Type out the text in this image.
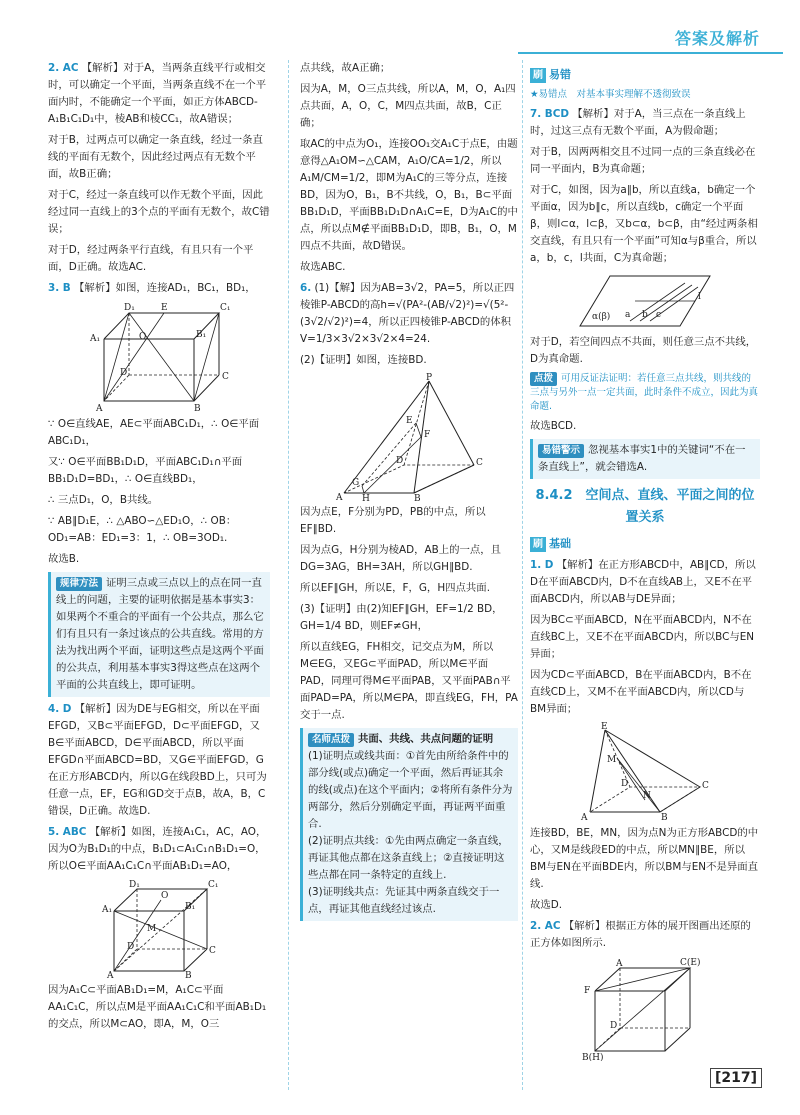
答案及解析

2. AC 【解析】对于A，当两条直线平行或相交时，可以确定一个平面，当两条直线不在一个平面内时，不能确定一个平面，如正方体ABCD-A₁B₁C₁D₁中，棱AB和棱CC₁，故A错误；

对于B，过两点可以确定一条直线，经过一条直线的平面有无数个，因此经过两点有无数个平面，故B正确；

对于C，经过一条直线可以作无数个平面，因此经过同一直线上的3个点的平面有无数个，故C错误；

对于D，经过两条平行直线，有且只有一个平面，D正确。故选AC.

3. B 【解析】如图，连接AD₁，BC₁，BD₁，

D₁	E	C₁
A₁	B₁
O
D	C
A	B

∵ O∈直线AE，AE⊂平面ABC₁D₁，∴ O∈平面ABC₁D₁，

又∵ O∈平面BB₁D₁D，平面ABC₁D₁∩平面BB₁D₁D=BD₁，∴ O∈直线BD₁，

∴ 三点D₁，O，B共线。

∵ AB∥D₁E，∴ △ABO∽△ED₁O，∴ OB：OD₁=AB：ED₁=3：1，∴ OB=3OD₁.

故选B.

规律方法 证明三点或三点以上的点在同一直线上的问题，主要的证明依据是基本事实3：如果两个不重合的平面有一个公共点，那么它们有且只有一条过该点的公共直线。常用的方法为找出两个平面，证明这些点是这两个平面的公共点，利用基本事实3得这些点在这两个平面的公共直线上，即可证明。

4. D 【解析】因为DE与EG相交，所以在平面EFGD，又B⊂平面EFGD，D⊂平面EFGD，又B∈平面ABCD，D∈平面ABCD，所以平面EFGD∩平面ABCD=BD，又G∈平面EFGD，G在正方形ABCD内，所以G在线段BD上，只可为任意一点，EF，EG和GD交于点B，故A，B，C错误，D正确。故选D.

5. ABC 【解析】如图，连接A₁C₁，AC，AO，因为O为B₁D₁的中点，B₁D₁⊂A₁C₁∩B₁D₁=O，所以O∈平面AA₁C₁C∩平面AB₁D₁=AO，

D₁	C₁
A₁	B₁
O
M
D	C
A	B

因为A₁C⊂平面AB₁D₁=M，A₁C⊂平面AA₁C₁C，所以点M是平面AA₁C₁C和平面AB₁D₁的交点，所以M⊂AO，即A，M，O三

点共线，故A正确；

因为A，M，O三点共线，所以A，M，O，A₁四点共面，A，O，C，M四点共面，故B，C正确；

取AC的中点为O₁，连接OO₁交A₁C于点E，由题意得△A₁OM∽△CAM，A₁O/CA=1/2，所以A₁M/CM=1/2，即M为A₁C的三等分点，连接BD，因为O，B₁，B不共线，O，B₁，B⊂平面BB₁D₁D，平面BB₁D₁D∩A₁C=E，D为A₁C的中点，所以点M∉平面BB₁D₁D，即B，B₁，O，M四点不共面，故D错误。

故选ABC.

6. (1)【解】因为AB=3√2，PA=5，所以正四棱锥P-ABCD的高h=√(PA²-(AB/√2)²)=√(5²-(3√2/√2)²)=4，所以正四棱锥P-ABCD的体积V=1/3×3√2×3√2×4=24.

(2)【证明】如图，连接BD.

P
E
F
D	C
G
A H	B

因为点E，F分别为PD，PB的中点，所以EF∥BD.

因为点G，H分别为棱AD，AB上的一点，且DG=3AG，BH=3AH，所以GH∥BD.

所以EF∥GH，所以E，F，G，H四点共面.

(3)【证明】由(2)知EF∥GH，EF=1/2 BD，GH=1/4 BD，则EF≠GH，

所以直线EG，FH相交，记交点为M，所以M∈EG，又EG⊂平面PAD，所以M∈平面PAD，同理可得M∈平面PAB，又平面PAB∩平面PAD=PA，所以M∈PA，即直线EG，FH，PA交于一点.

名师点拨 共面、共线、共点问题的证明

(1)证明点或线共面：①首先由所给条件中的部分线(或点)确定一个平面，然后再证其余的线(或点)在这个平面内；②将所有条件分为两部分，然后分别确定平面，再证两平面重合.

(2)证明点共线：①先由两点确定一条直线，再证其他点都在这条直线上；②直接证明这些点都在同一条特定的直线上.

(3)证明线共点：先证其中两条直线交于一点，再证其他直线经过该点.

刷 易错

★易错点　对基本事实理解不透彻致误

7. BCD 【解析】对于A，当三点在一条直线上时，过这三点有无数个平面，A为假命题；

对于B，因两两相交且不过同一点的三条直线必在同一平面内，B为真命题；

对于C，如图，因为a∥b，所以直线a，b确定一个平面α，因为b∥c，所以直线b，c确定一个平面β，则l⊂α，l⊂β，又b⊂α，b⊂β，由“经过两条相交直线，有且只有一个平面”可知α与β重合，所以a，b，c，l共面，C为真命题；

α(β) a b c
l

对于D，若空间四点不共面，则任意三点不共线，D为真命题.

点拨 可用反证法证明：若任意三点共线，则共线的三点与另外一点一定共面，此时条件不成立，因此为真命题.

故选BCD.

易错警示 忽视基本事实1中的关键词“不在一条直线上”，就会错选A.
8.4.2　空间点、直线、平面之间的位置关系
刷 基础

1. D 【解析】在正方形ABCD中，AB∥CD，所以D在平面ABCD内，D不在直线AB上，又E不在平面ABCD内，所以AB与DE异面；

因为BC⊂平面ABCD，N在平面ABCD内，N不在直线BC上，又E不在平面ABCD内，所以BC与EN异面；

因为CD⊂平面ABCD，B在平面ABCD内，B不在直线CD上，又M不在平面ABCD内，所以CD与BM异面；

E
M
D	C
N
A	B

连接BD，BE，MN，因为点N为正方形ABCD的中心，又M是线段ED的中点，所以MN∥BE，所以BM与EN在平面BDE内，所以BM与EN不是异面直线.

故选D.

2. AC 【解析】根据正方体的展开图画出还原的正方体如图所示.

A	C(E)
F
D
B(H)
[217]
